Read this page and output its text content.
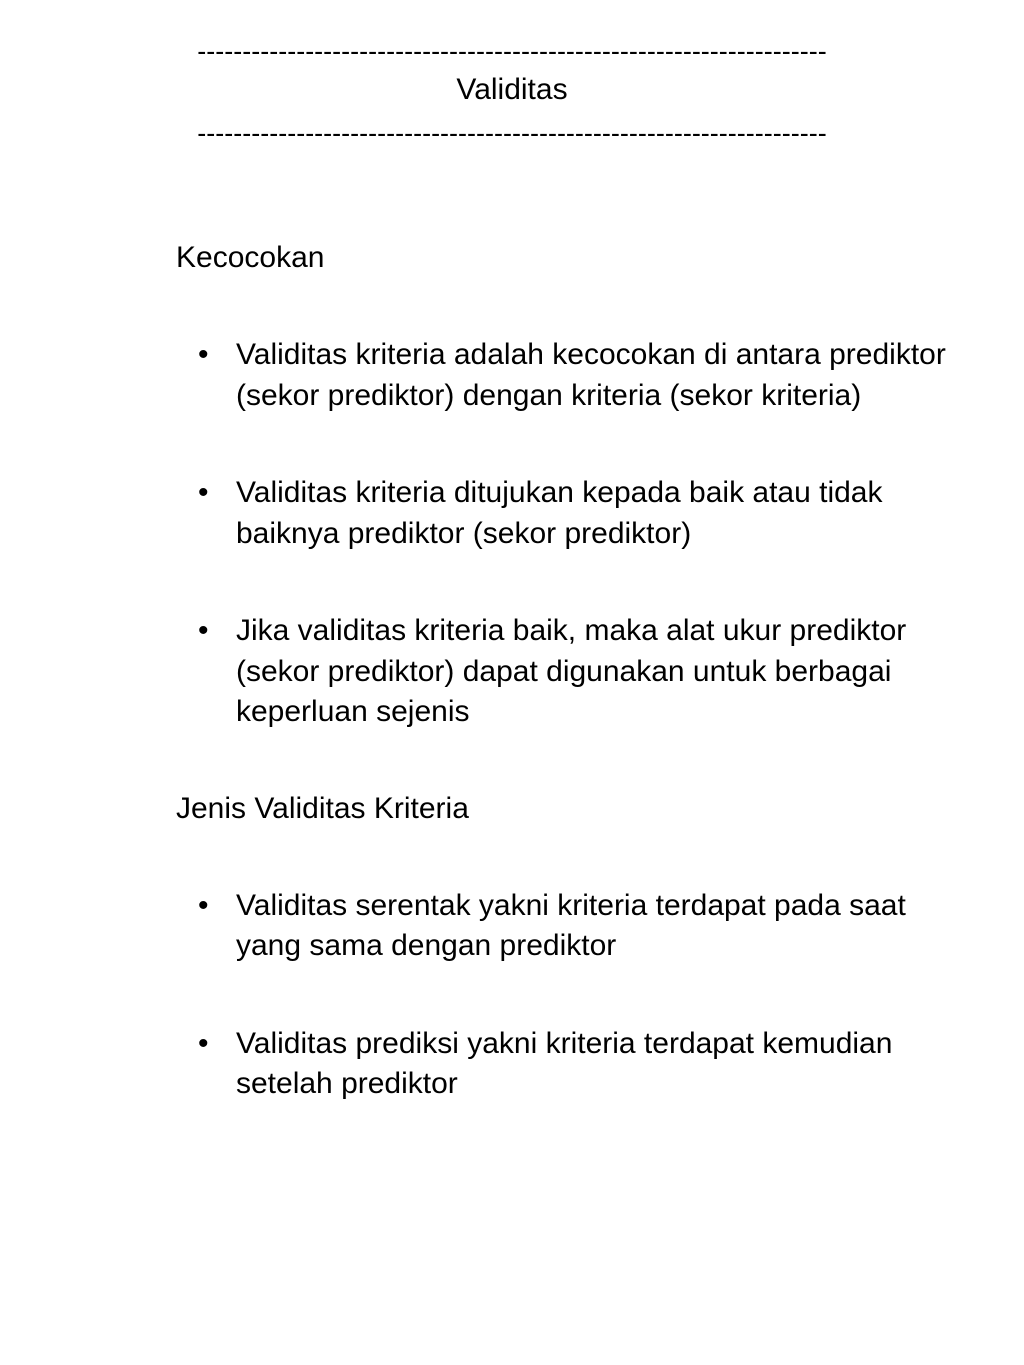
----------------------------------------------------------------------
Validitas
----------------------------------------------------------------------

Kecocokan

• Validitas kriteria adalah kecocokan di antara prediktor (sekor prediktor) dengan kriteria (sekor kriteria)
• Validitas kriteria ditujukan kepada baik atau tidak baiknya prediktor (sekor prediktor)
• Jika validitas kriteria baik, maka alat ukur prediktor (sekor prediktor) dapat digunakan untuk berbagai keperluan sejenis

Jenis Validitas Kriteria

• Validitas serentak yakni kriteria terdapat pada saat yang sama dengan prediktor
• Validitas prediksi yakni kriteria terdapat kemudian setelah prediktor
